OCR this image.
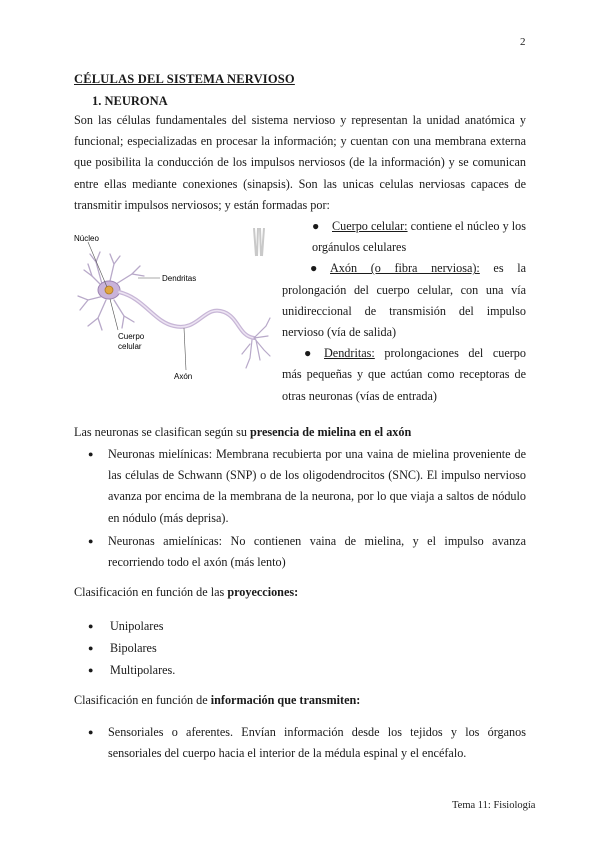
2
CÉLULAS DEL SISTEMA NERVIOSO
1. NEURONA
Son las células fundamentales del sistema nervioso y representan la unidad anatómica y
funcional; especializadas en procesar la información; y cuentan con una membrana externa
que posibilita la conducción de los impulsos nerviosos (de la información) y se comunican
entre ellas mediante conexiones (sinapsis). Son las unicas celulas nerviosas capaces de
transmitir impulsos nerviosos; y están formadas por:
Núcleo
Dendritas
Cuerpo
celular
Axón
● Cuerpo celular: contiene el núcleo y los orgánulos celulares
● Axón (o fibra nerviosa): es la prolongación del cuerpo celular, con una vía unidireccional de transmisión del impulso nervioso (vía de salida)
● Dendritas: prolongaciones del cuerpo más pequeñas y que actúan como receptoras de otras neuronas (vías de entrada)
Las neuronas se clasifican según su presencia de mielina en el axón
● Neuronas mielínicas: Membrana recubierta por una vaina de mielina proveniente de las células de Schwann (SNP) o de los oligodendrocitos (SNC). El impulso nervioso avanza por encima de la membrana de la neurona, por lo que viaja a saltos de nódulo en nódulo (más deprisa).
● Neuronas amielínicas: No contienen vaina de mielina, y el impulso avanza recorriendo todo el axón (más lento)
Clasificación en función de las proyecciones:
● Unipolares
● Bipolares
● Multipolares.
Clasificación en función de información que transmiten:
● Sensoriales o aferentes. Envían información desde los tejidos y los órganos sensoriales del cuerpo hacia el interior de la médula espinal y el encéfalo.
Tema 11: Fisiología
